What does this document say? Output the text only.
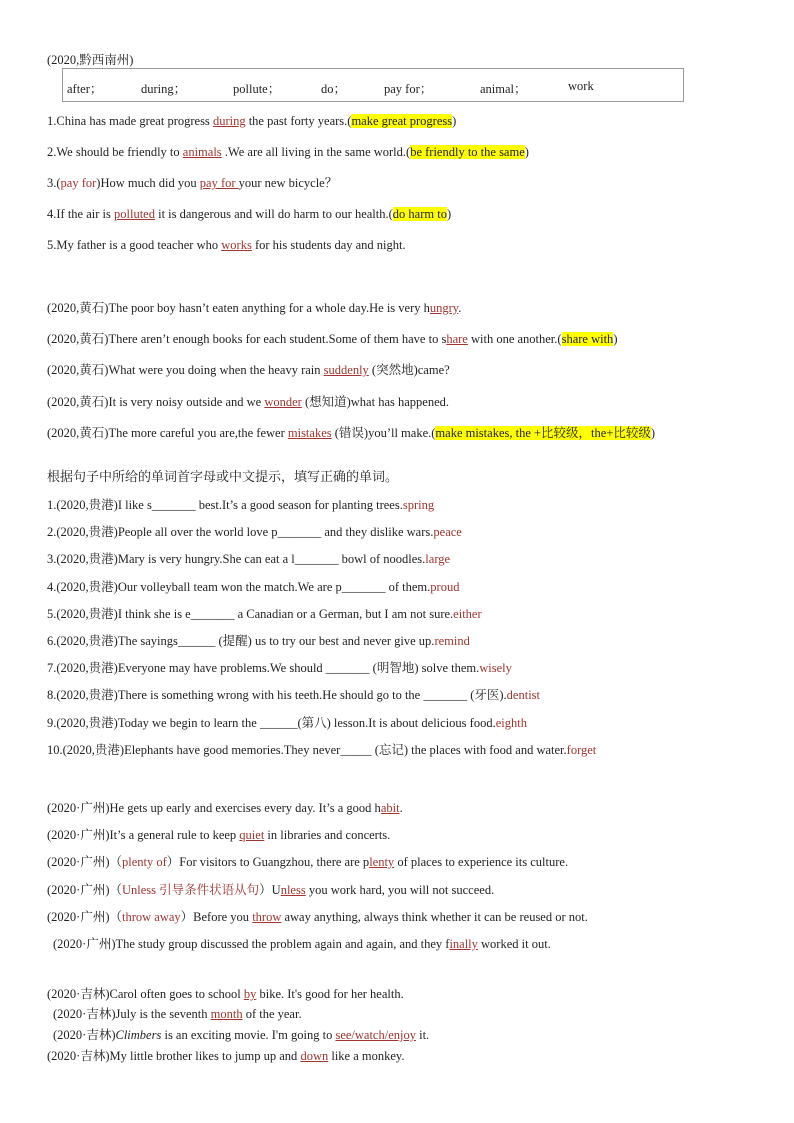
(2020,黔西南州)
after；	during；	pollute；	do；	pay for；	animal；	work
1.China has made great progress during the past forty years.(make great progress)
2.We should be friendly to animals .We are all living in the same world.(be friendly to the same)
3.(pay for)How much did you pay for your new bicycle？
4.If the air is polluted it is dangerous and will do harm to our health.(do harm to)
5.My father is a good teacher who works for his students day and night.
(2020,黄石)The poor boy hasn’t eaten anything for a whole day.He is very hungry.
(2020,黄石)There aren’t enough books for each student.Some of them have to share with one another.(share with)
(2020,黄石)What were you doing when the heavy rain suddenly (突然地)came?
(2020,黄石)It is very noisy outside and we wonder (想知道)what has happened.
(2020,黄石)The more careful you are,the fewer mistakes (错误)you’ll make.(make mistakes, the +比较级，the+比较级)
根据句子中所给的单词首字母或中文提示，填写正确的单词。
1.(2020,贵港)I like s_______ best.It’s a good season for planting trees.spring
2.(2020,贵港)People all over the world love p_______ and they dislike wars.peace
3.(2020,贵港)Mary is very hungry.She can eat a l_______ bowl of noodles.large
4.(2020,贵港)Our volleyball team won the match.We are p_______ of them.proud
5.(2020,贵港)I think she is e_______ a Canadian or a German, but I am not sure.either
6.(2020,贵港)The sayings______ (提醒) us to try our best and never give up.remind
7.(2020,贵港)Everyone may have problems.We should _______ (明智地) solve them.wisely
8.(2020,贵港)There is something wrong with his teeth.He should go to the _______ (牙医).dentist
9.(2020,贵港)Today we begin to learn the ______(第八) lesson.It is about delicious food.eighth
10.(2020,贵港)Elephants have good memories.They never_____ (忘记) the places with food and water.forget
(2020·广州)He gets up early and exercises every day. It’s a good habit.
(2020·广州)It’s a general rule to keep quiet in libraries and concerts.
(2020·广州)（plenty of）For visitors to Guangzhou, there are plenty of places to experience its culture.
(2020·广州)（Unless 引导条件状语从句）Unless you work hard, you will not succeed.
(2020·广州)（throw away）Before you throw away anything, always think whether it can be reused or not.
(2020·广州)The study group discussed the problem again and again, and they finally worked it out.
(2020·吉林)Carol often goes to school by bike. It's good for her health.
(2020·吉林)July is the seventh month of the year.
(2020·吉林)Climbers is an exciting movie. I'm going to see/watch/enjoy it.
(2020·吉林)My little brother likes to jump up and down like a monkey.
